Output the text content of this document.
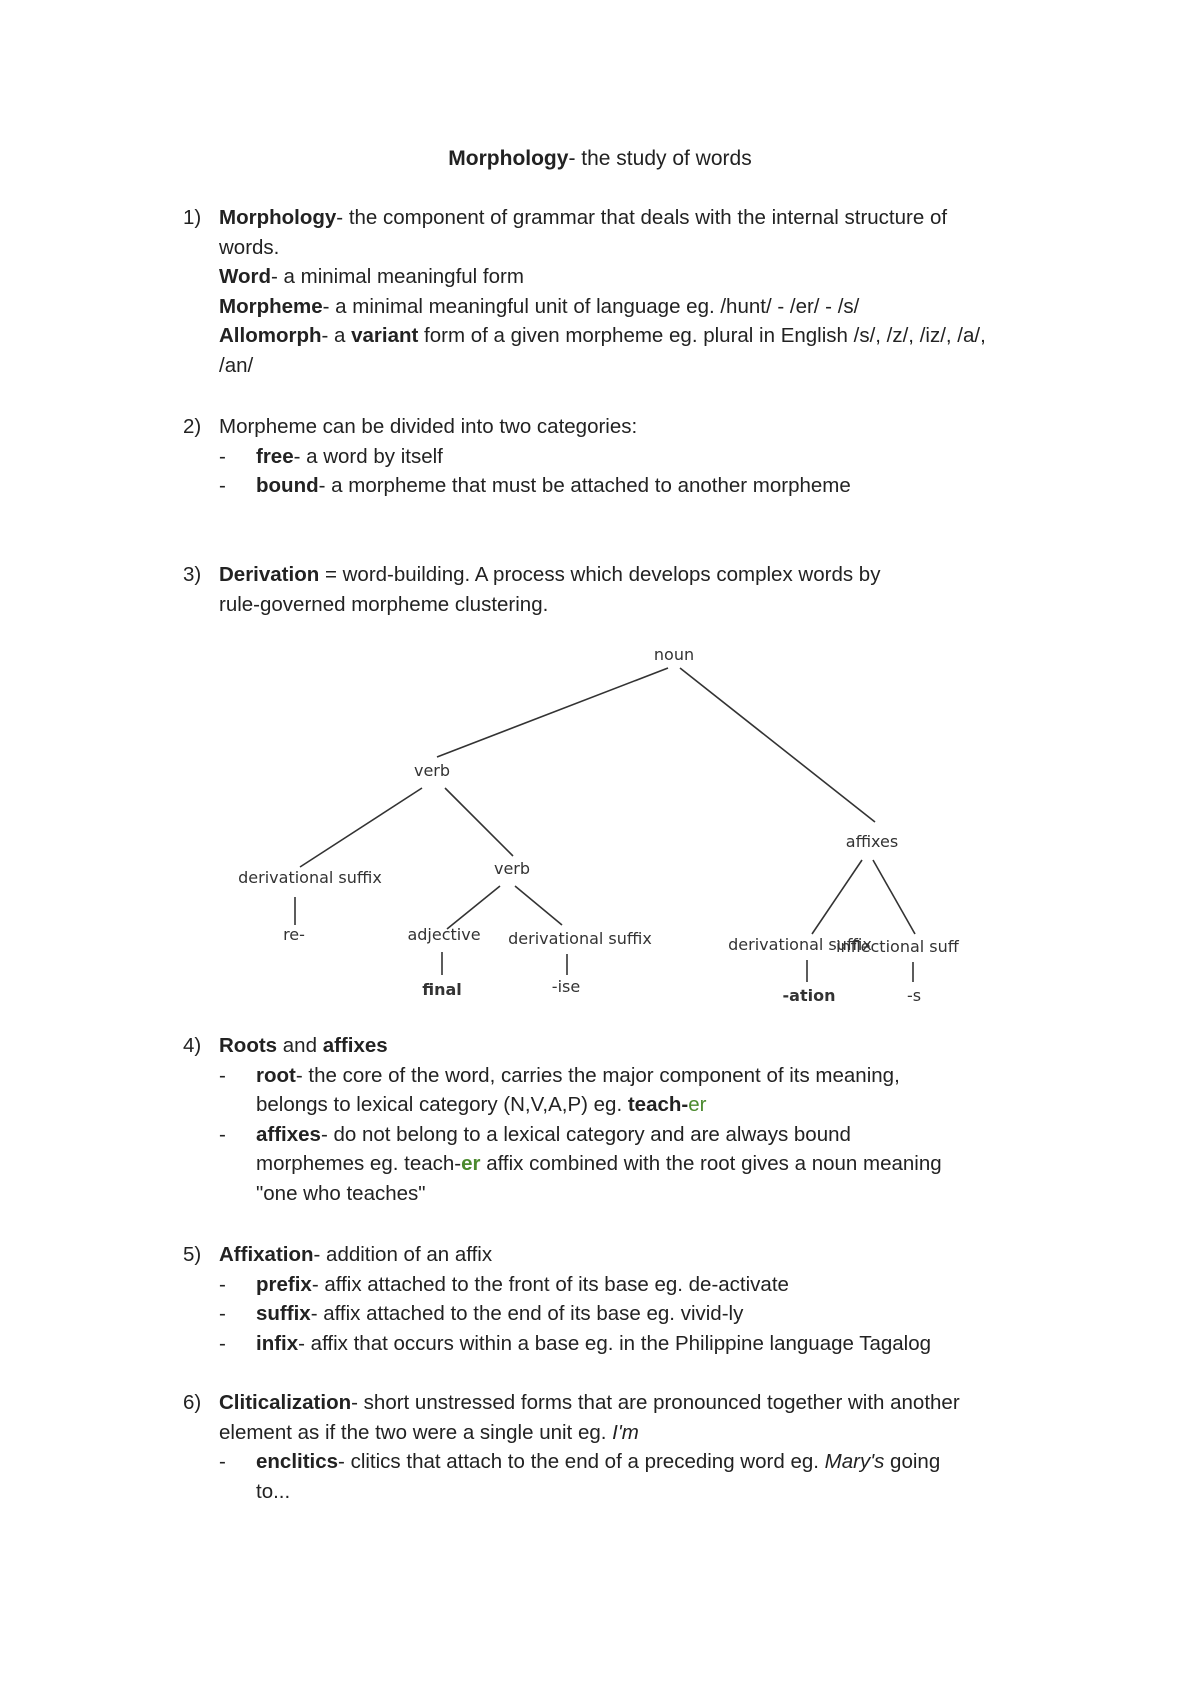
Morphology- the study of words
1) Morphology- the component of grammar that deals with the internal structure of
words.
Word- a minimal meaningful form
Morpheme- a minimal meaningful unit of language eg. /hunt/ - /er/ - /s/
Allomorph- a variant form of a given morpheme eg. plural in English /s/, /z/, /iz/, /a/,
/an/
2) Morpheme can be divided into two categories:
- free- a word by itself
- bound- a morpheme that must be attached to another morpheme
3) Derivation = word-building. A process which develops complex words by
rule-governed morpheme clustering.
noun
verb
affixes
derivational suffix	verb
re-	adjective derivational suffix	derivational suffix
inflectional suff
final	-ise	-ation	-s
4) Roots and affixes
- root- the core of the word, carries the major component of its meaning,
belongs to lexical category (N,V,A,P) eg. teach-er
- affixes- do not belong to a lexical category and are always bound
morphemes eg. teach-er affix combined with the root gives a noun meaning
"one who teaches"
5) Affixation- addition of an affix
- prefix- affix attached to the front of its base eg. de-activate
- suffix- affix attached to the end of its base eg. vivid-ly
- infix- affix that occurs within a base eg. in the Philippine language Tagalog
6) Cliticalization- short unstressed forms that are pronounced together with another
element as if the two were a single unit eg. I'm
- enclitics- clitics that attach to the end of a preceding word eg. Mary's going
to...
